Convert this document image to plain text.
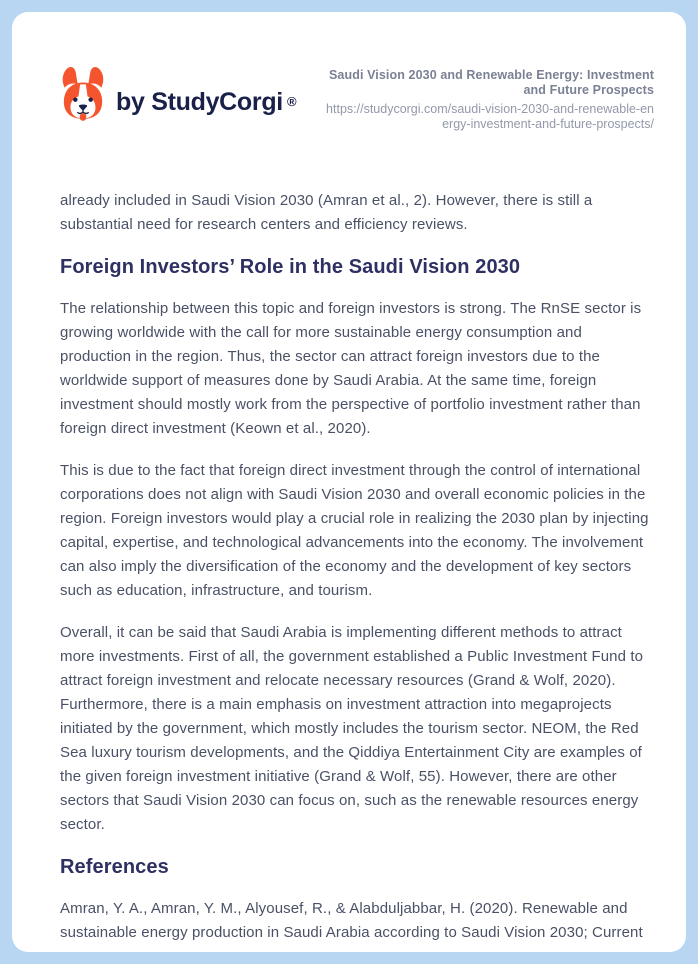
by StudyCorgi ®
Saudi Vision 2030 and Renewable Energy: Investment and Future Prospects
https://studycorgi.com/saudi-vision-2030-and-renewable-energy-investment-and-future-prospects/

already included in Saudi Vision 2030 (Amran et al., 2). However, there is still a substantial need for research centers and efficiency reviews.

Foreign Investors’ Role in the Saudi Vision 2030

The relationship between this topic and foreign investors is strong. The RnSE sector is growing worldwide with the call for more sustainable energy consumption and production in the region. Thus, the sector can attract foreign investors due to the worldwide support of measures done by Saudi Arabia. At the same time, foreign investment should mostly work from the perspective of portfolio investment rather than foreign direct investment (Keown et al., 2020).

This is due to the fact that foreign direct investment through the control of international corporations does not align with Saudi Vision 2030 and overall economic policies in the region. Foreign investors would play a crucial role in realizing the 2030 plan by injecting capital, expertise, and technological advancements into the economy. The involvement can also imply the diversification of the economy and the development of key sectors such as education, infrastructure, and tourism.

Overall, it can be said that Saudi Arabia is implementing different methods to attract more investments. First of all, the government established a Public Investment Fund to attract foreign investment and relocate necessary resources (Grand & Wolf, 2020). Furthermore, there is a main emphasis on investment attraction into megaprojects initiated by the government, which mostly includes the tourism sector. NEOM, the Red Sea luxury tourism developments, and the Qiddiya Entertainment City are examples of the given foreign investment initiative (Grand & Wolf, 55). However, there are other sectors that Saudi Vision 2030 can focus on, such as the renewable resources energy sector.

References

Amran, Y. A., Amran, Y. M., Alyousef, R., & Alabduljabbar, H. (2020). Renewable and sustainable energy production in Saudi Arabia according to Saudi Vision 2030; Current
